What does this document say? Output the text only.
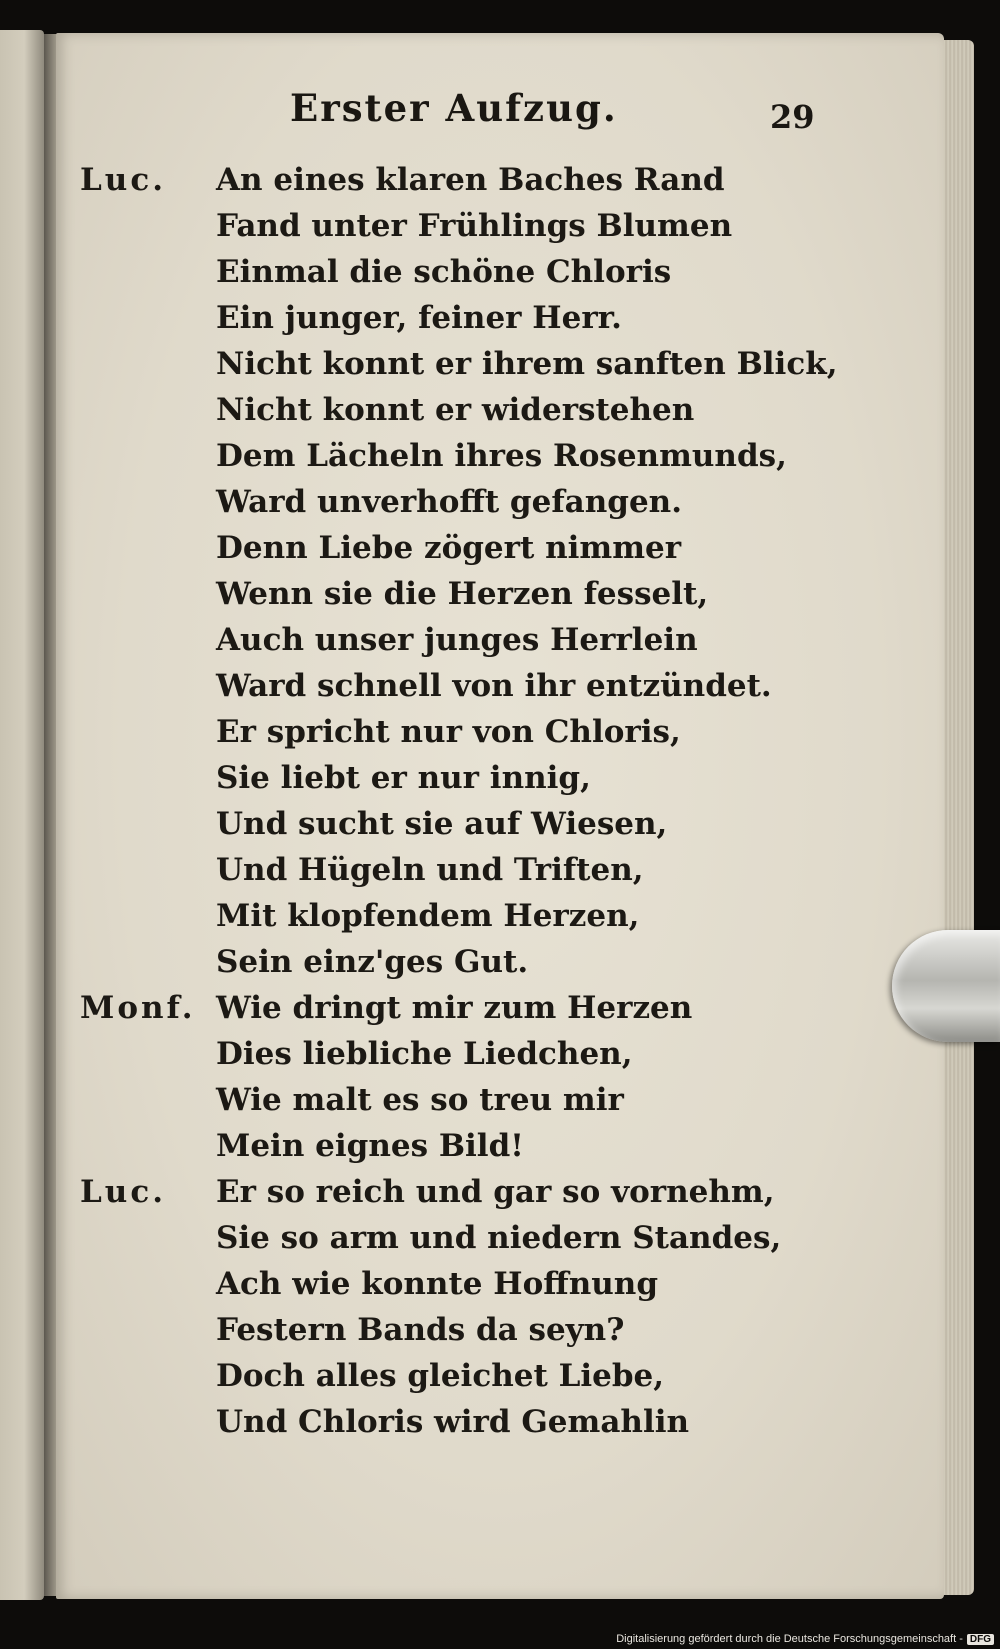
Erster Aufzug.	29
Luc. An eines klaren Baches Rand
Fand unter Frühlings Blumen
Einmal die schöne Chloris
Ein junger, feiner Herr.
Nicht konnt er ihrem sanften Blick,
Nicht konnt er widerstehen
Dem Lächeln ihres Rosenmunds,
Ward unverhofft gefangen.
Denn Liebe zögert nimmer
Wenn sie die Herzen fesselt,
Auch unser junges Herrlein
Ward schnell von ihr entzündet.
Er spricht nur von Chloris,
Sie liebt er nur innig,
Und sucht sie auf Wiesen,
Und Hügeln und Triften,
Mit klopfendem Herzen,
Sein einz'ges Gut.
Monf. Wie dringt mir zum Herzen
Dies liebliche Liedchen,
Wie malt es so treu mir
Mein eignes Bild!
Luc. Er so reich und gar so vornehm,
Sie so arm und niedern Standes,
Ach wie konnte Hoffnung
Festern Bands da seyn?
Doch alles gleichet Liebe,
Und Chloris wird Gemahlin
Digitalisierung gefördert durch die Deutsche Forschungsgemeinschaft - DFG
